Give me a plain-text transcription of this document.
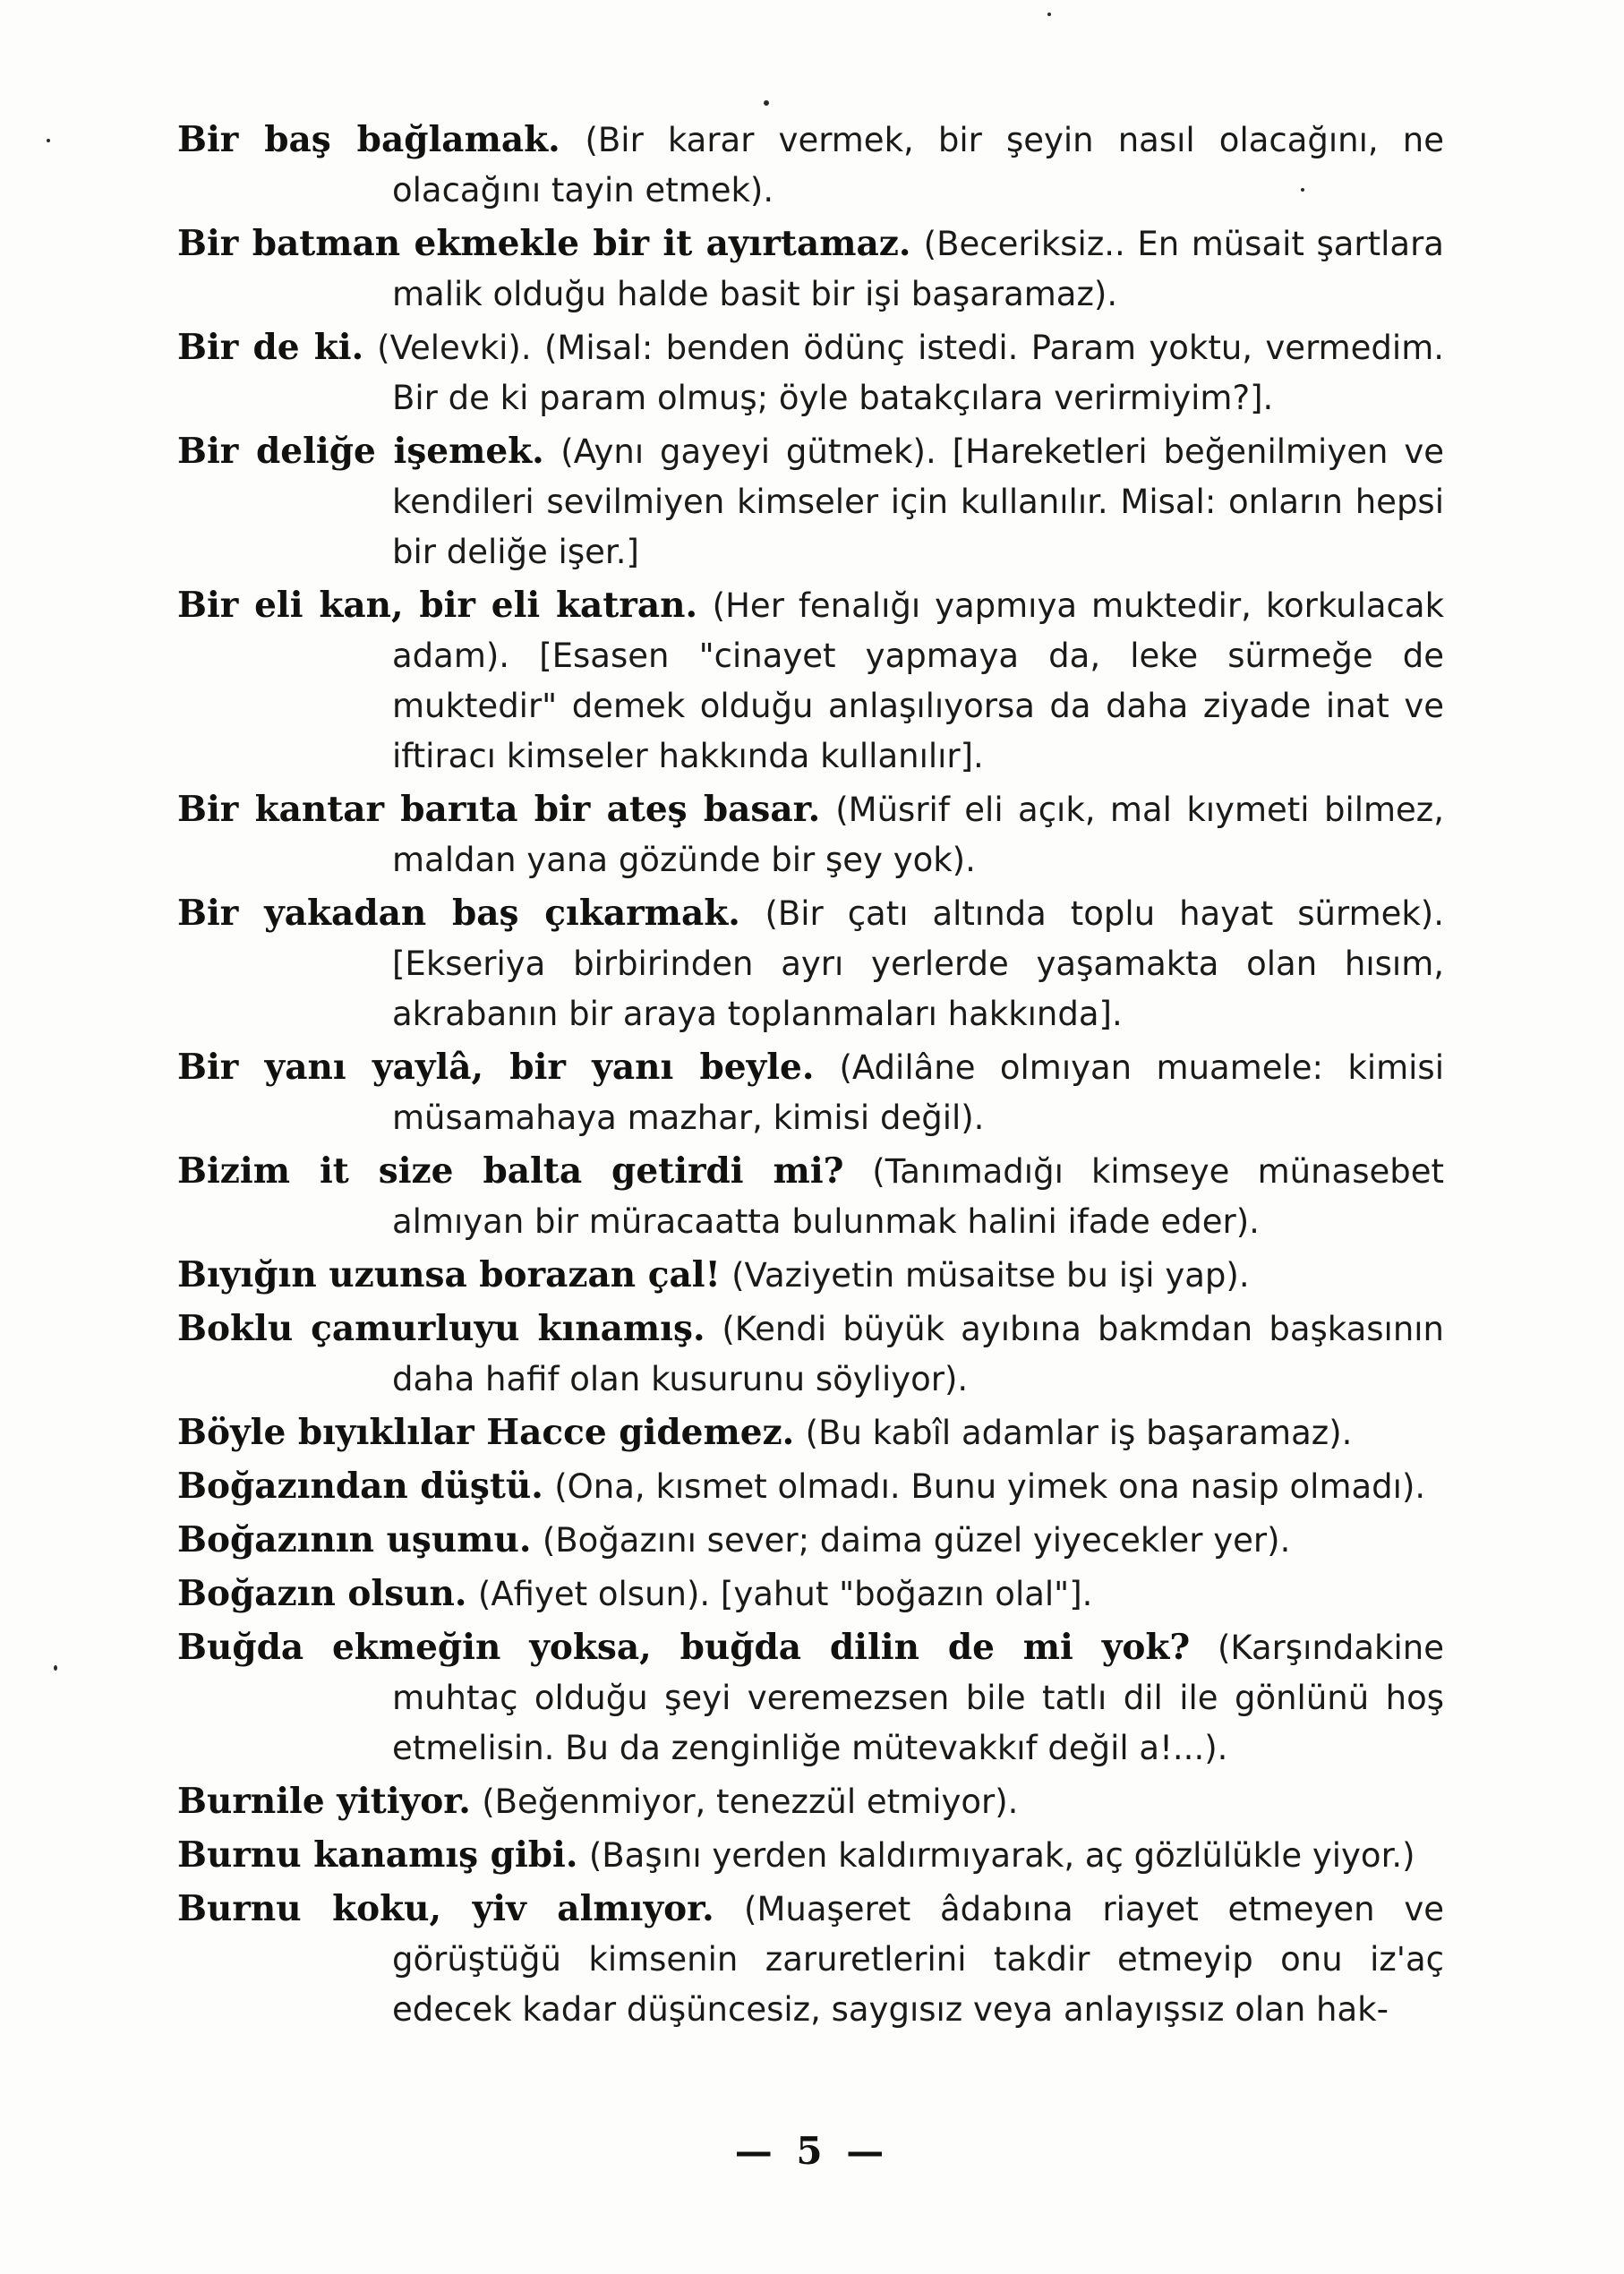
Bir baş bağlamak. (Bir karar vermek, bir şeyin nasıl olacağını, ne olacağını tayin etmek).

Bir batman ekmekle bir it ayırtamaz. (Beceriksiz.. En müsait şartlara malik olduğu halde basit bir işi başaramaz).

Bir de ki. (Velevki). (Misal: benden ödünç istedi. Param yoktu, vermedim. Bir de ki param olmuş; öyle batakçılara verirmiyim?].

Bir deliğe işemek. (Aynı gayeyi gütmek). [Hareketleri beğenilmiyen ve kendileri sevilmiyen kimseler için kullanılır. Misal: onların hepsi bir deliğe işer.]

Bir eli kan, bir eli katran. (Her fenalığı yapmıya muktedir, korkulacak adam). [Esasen "cinayet yapmaya da, leke sürmeğe de muktedir" demek olduğu anlaşılıyorsa da daha ziyade inat ve iftiracı kimseler hakkında kullanılır].

Bir kantar barıta bir ateş basar. (Müsrif eli açık, mal kıymeti bilmez, maldan yana gözünde bir şey yok).

Bir yakadan baş çıkarmak. (Bir çatı altında toplu hayat sürmek). [Ekseriya birbirinden ayrı yerlerde yaşamakta olan hısım, akrabanın bir araya toplanmaları hakkında].

Bir yanı yaylâ, bir yanı beyle. (Adilâne olmıyan muamele: kimisi müsamahaya mazhar, kimisi değil).

Bizim it size balta getirdi mi? (Tanımadığı kimseye münasebet almıyan bir müracaatta bulunmak halini ifade eder).

Bıyığın uzunsa borazan çal! (Vaziyetin müsaitse bu işi yap).

Boklu çamurluyu kınamış. (Kendi büyük ayıbına bakmdan başkasının daha hafif olan kusurunu söyliyor).

Böyle bıyıklılar Hacce gidemez. (Bu kabîl adamlar iş başaramaz).

Boğazından düştü. (Ona, kısmet olmadı. Bunu yimek ona nasip olmadı).

Boğazının uşumu. (Boğazını sever; daima güzel yiyecekler yer).

Boğazın olsun. (Afiyet olsun). [yahut "boğazın olal"].

Buğda ekmeğin yoksa, buğda dilin de mi yok? (Karşındakine muhtaç olduğu şeyi veremezsen bile tatlı dil ile gönlünü hoş etmelisin. Bu da zenginliğe mütevakkıf değil a!...).

Burnile yitiyor. (Beğenmiyor, tenezzül etmiyor).

Burnu kanamış gibi. (Başını yerden kaldırmıyarak, aç gözlülükle yiyor.)

Burnu koku, yiv almıyor. (Muaşeret âdabına riayet etmeyen ve görüştüğü kimsenin zaruretlerini takdir etmeyip onu iz'aç edecek kadar düşüncesiz, saygısız veya anlayışsız olan hak-

— 5 —
